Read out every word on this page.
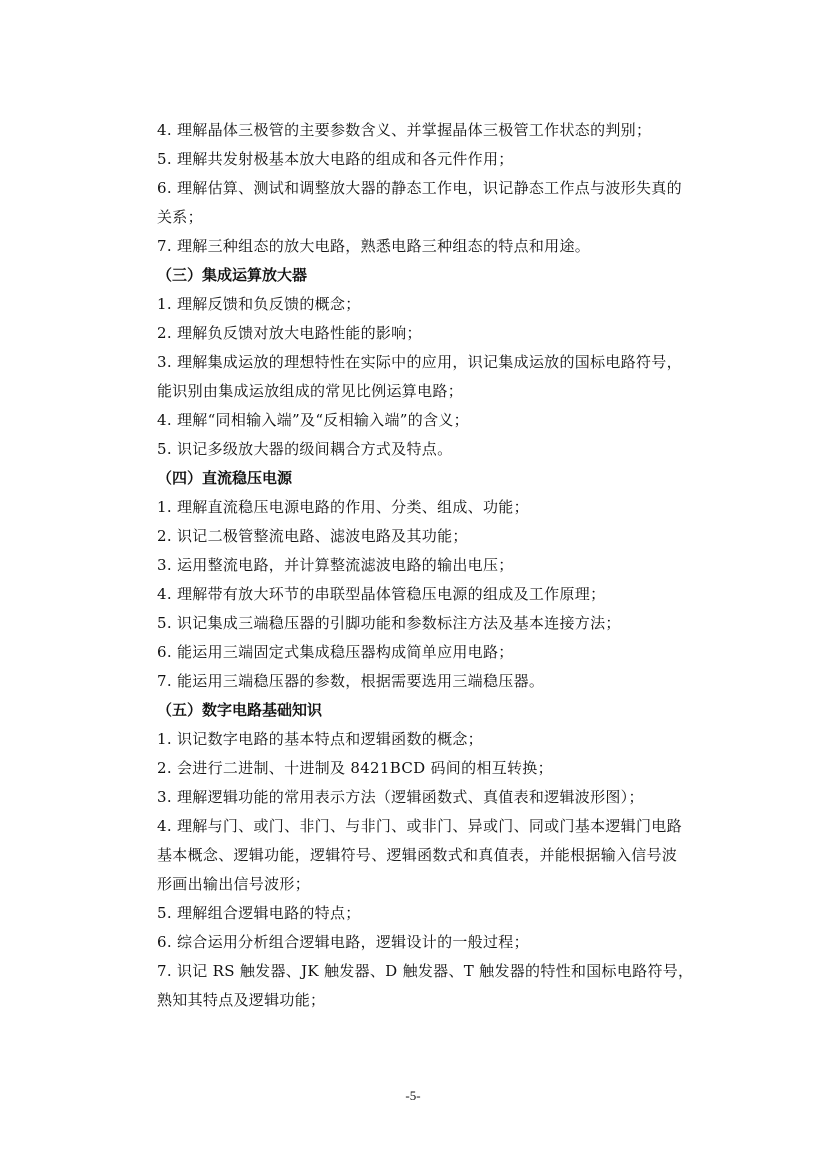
4. 理解晶体三极管的主要参数含义、并掌握晶体三极管工作状态的判别；
5. 理解共发射极基本放大电路的组成和各元件作用；
6. 理解估算、测试和调整放大器的静态工作电，识记静态工作点与波形失真的
关系；
7. 理解三种组态的放大电路，熟悉电路三种组态的特点和用途。
（三）集成运算放大器
1. 理解反馈和负反馈的概念；
2. 理解负反馈对放大电路性能的影响；
3. 理解集成运放的理想特性在实际中的应用，识记集成运放的国标电路符号，
能识别由集成运放组成的常见比例运算电路；
4. 理解“同相输入端”及“反相输入端”的含义；
5. 识记多级放大器的级间耦合方式及特点。
（四）直流稳压电源
1. 理解直流稳压电源电路的作用、分类、组成、功能；
2. 识记二极管整流电路、滤波电路及其功能；
3. 运用整流电路，并计算整流滤波电路的输出电压；
4. 理解带有放大环节的串联型晶体管稳压电源的组成及工作原理；
5. 识记集成三端稳压器的引脚功能和参数标注方法及基本连接方法；
6. 能运用三端固定式集成稳压器构成简单应用电路；
7. 能运用三端稳压器的参数，根据需要选用三端稳压器。
（五）数字电路基础知识
1. 识记数字电路的基本特点和逻辑函数的概念；
2. 会进行二进制、十进制及 8421BCD 码间的相互转换；
3. 理解逻辑功能的常用表示方法（逻辑函数式、真值表和逻辑波形图）；
4. 理解与门、或门、非门、与非门、或非门、异或门、同或门基本逻辑门电路
基本概念、逻辑功能，逻辑符号、逻辑函数式和真值表，并能根据输入信号波
形画出输出信号波形；
5. 理解组合逻辑电路的特点；
6. 综合运用分析组合逻辑电路，逻辑设计的一般过程；
7. 识记 RS 触发器、JK 触发器、D 触发器、T 触发器的特性和国标电路符号，
熟知其特点及逻辑功能；
-5-
